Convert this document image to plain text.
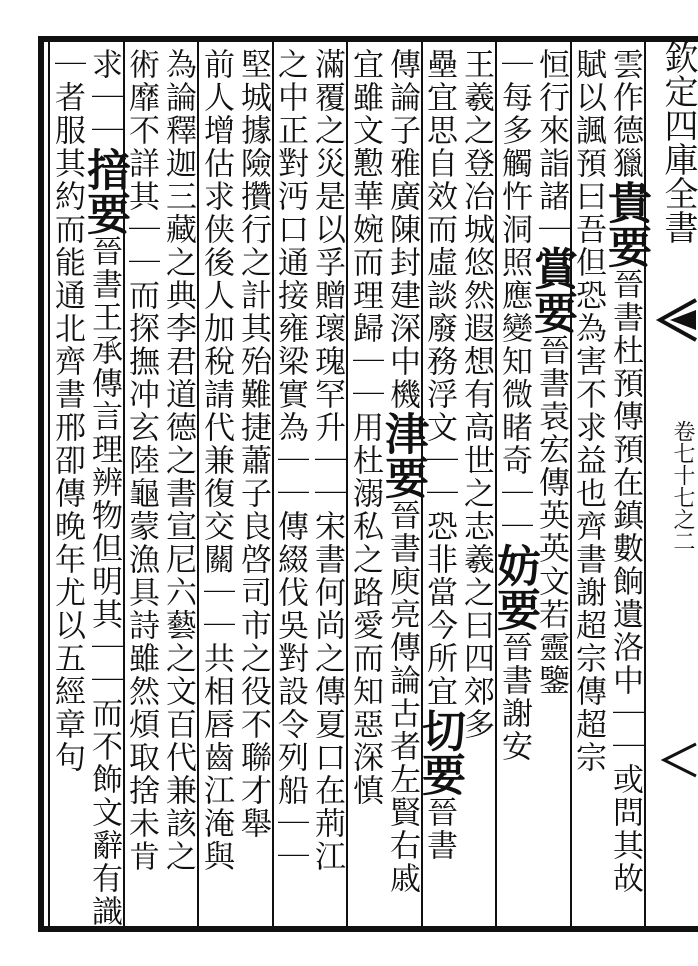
雲作德獵貴要晉書杜預傳預在鎮數餉遺洛中｜｜或問其故
賦以諷預曰吾但恐為害不求益也齊書謝超宗傳超宗
恒行來詣諸｜賞要晉書袁宏傳英英文若靈鑒
｜每多觸忤洞照應變知微睹奇｜｜妨要晉書謝安
王羲之登冶城悠然遐想有高世之志羲之曰四郊多
壘宜思自效而虛談廢務浮文｜｜恐非當今所宜切要晉書
傳論子雅廣陳封建深中機津要晉書庾亮傳論古者左賢右戚
宜雖文懃華婉而理歸｜｜用杜溺私之路愛而知惡深慎
滿覆之災是以孚贈瓌瑰罕升｜｜宋書何尚之傳夏口在荊江
之中正對沔口通接雍梁實為｜｜傳綴伐吳對設令列船｜｜
堅城據險攢行之計其殆難捷蕭子良啓司市之役不聯才舉
前人增估求侠後人加稅請代兼復交關｜｜共相唇齒江淹與
為論釋迦三藏之典李君道德之書宣尼六藝之文百代兼該之
術靡不詳其｜｜而探撫冲玄陸龜蒙漁具詩雖然煩取捨未肯
求｜｜揞要晉書王承傳言理辨物但明其｜｜而不飾文辭有識
｜者服其約而能通北齊書邢卲傳晚年尤以五經章句	欽定四庫全書
卷七十七之二
